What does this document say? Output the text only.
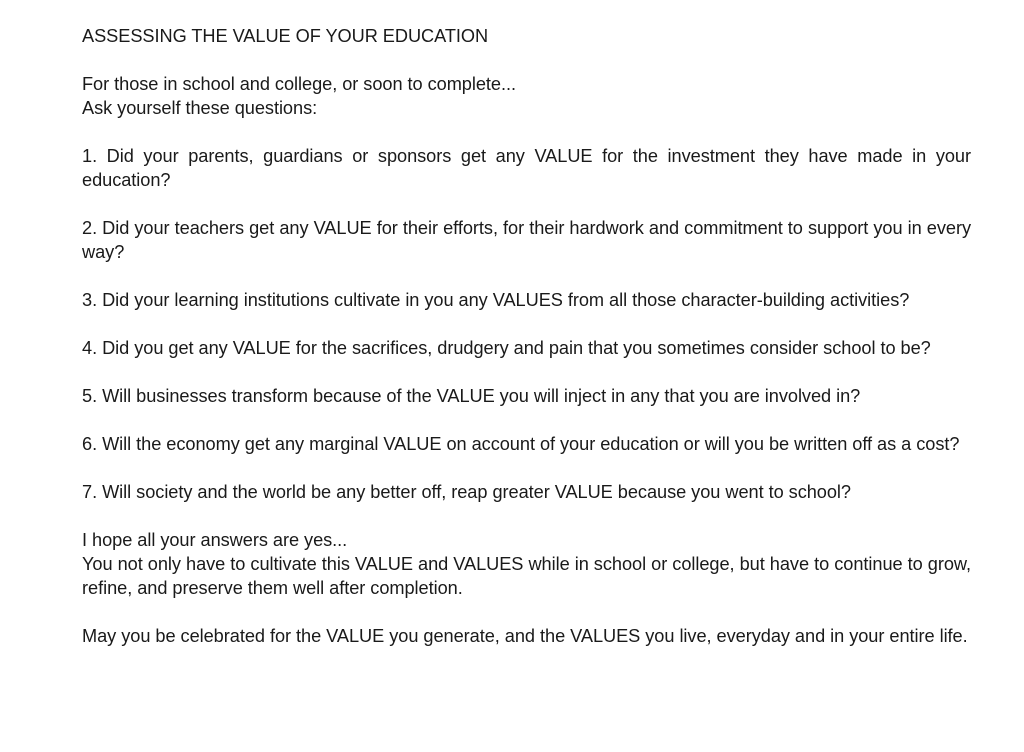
ASSESSING THE VALUE OF YOUR EDUCATION
For those in school and college, or soon to complete...
Ask yourself these questions:

1. Did your parents, guardians or sponsors get any VALUE for the investment they have made in your education?

2. Did your teachers get any VALUE for their efforts, for their hardwork and commitment to support you in every way?

3. Did your learning institutions cultivate in you any VALUES from all those character-building activities?

4. Did you get any VALUE for the sacrifices, drudgery and pain that you sometimes consider school to be?

5. Will businesses transform because of the VALUE you will inject in any that you are involved in?

6. Will the economy get any marginal VALUE on account of your education or will you be written off as a cost?

7. Will society and the world be any better off, reap greater VALUE because you went to school?

I hope all your answers are yes...

You not only have to cultivate this VALUE and VALUES while in school or college, but have to continue to grow, refine, and preserve them well after completion.

May you be celebrated for the VALUE you generate, and the VALUES you live, everyday and in your entire life.
